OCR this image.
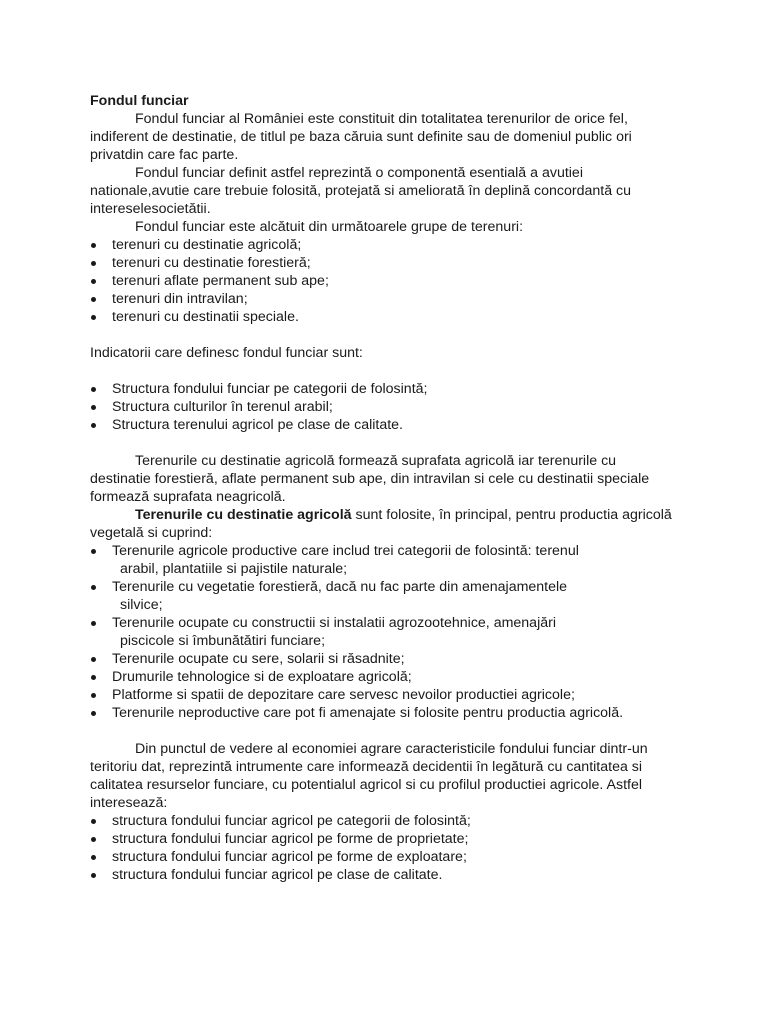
Fondul funciar

Fondul funciar al României este constituit din totalitatea terenurilor de orice fel, indiferent de destinatie, de titlul pe baza căruia sunt definite sau de domeniul public ori privatdin care fac parte.

Fondul funciar definit astfel reprezintă o componentă esentială a avutiei nationale,avutie care trebuie folosită, protejată si ameliorată în deplină concordantă cu intereselesocietătii.

Fondul funciar este alcătuit din următoarele grupe de terenuri:

terenuri cu destinatie agricolă;
terenuri cu destinatie forestieră;
terenuri aflate permanent sub ape;
terenuri din intravilan;
terenuri cu destinatii speciale.

Indicatorii care definesc fondul funciar sunt:

Structura fondului funciar pe categorii de folosintă;
Structura culturilor în terenul arabil;
Structura terenului agricol pe clase de calitate.

Terenurile cu destinatie agricolă formează suprafata agricolă iar terenurile cu destinatie forestieră, aflate permanent sub ape, din intravilan si cele cu destinatii speciale formează suprafata neagricolă.

Terenurile cu destinatie agricolă sunt folosite, în principal, pentru productia agricolă vegetală si cuprind:

Terenurile agricole productive care includ trei categorii de folosintă: terenul
arabil, plantatiile si pajistile naturale;
Terenurile cu vegetatie forestieră, dacă nu fac parte din amenajamentele
silvice;
Terenurile ocupate cu constructii si instalatii agrozootehnice, amenajări
piscicole si îmbunătătiri funciare;
Terenurile ocupate cu sere, solarii si răsadnite;
Drumurile tehnologice si de exploatare agricolă;
Platforme si spatii de depozitare care servesc nevoilor productiei agricole;

Terenurile neproductive care pot fi amenajate si folosite pentru productia agricolă.

Din punctul de vedere al economiei agrare caracteristicile fondului funciar dintr-un teritoriu dat, reprezintă intrumente care informează decidentii în legătură cu cantitatea si calitatea resurselor funciare, cu potentialul agricol si cu profilul productiei agricole. Astfel interesează:

structura fondului funciar agricol pe categorii de folosintă;
structura fondului funciar agricol pe forme de proprietate;
structura fondului funciar agricol pe forme de exploatare;
structura fondului funciar agricol pe clase de calitate.
